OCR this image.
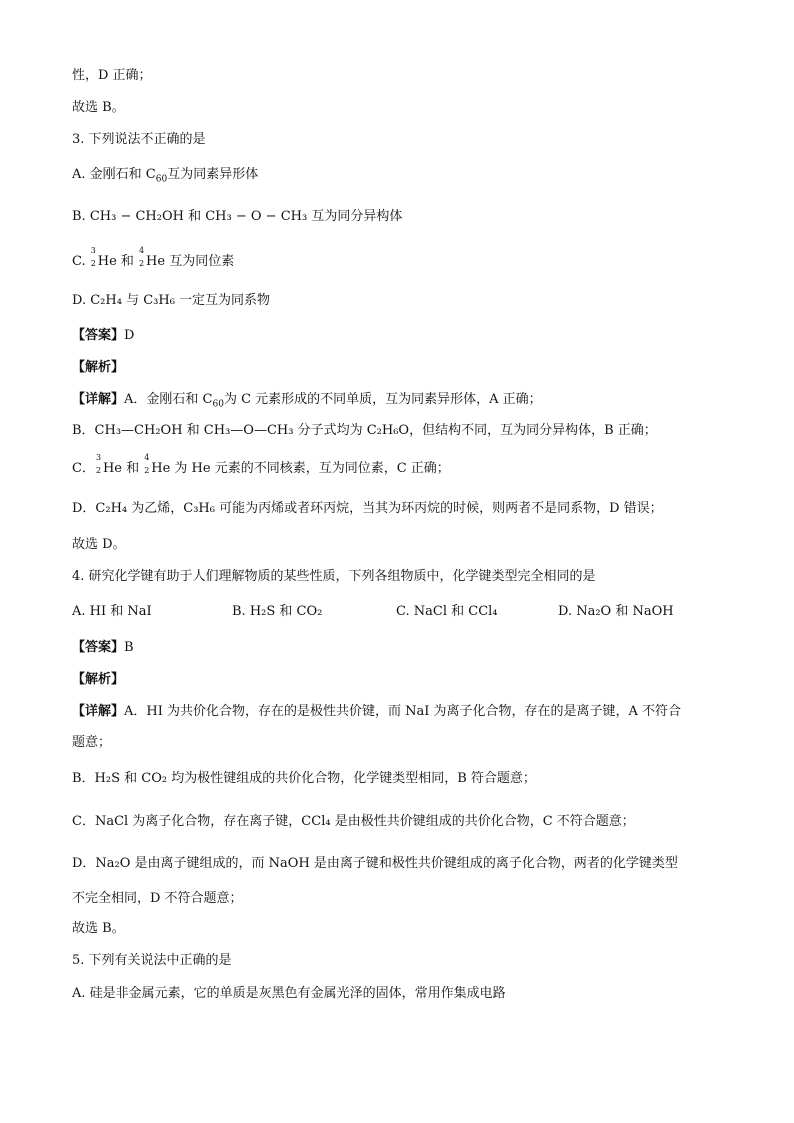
性，D 正确；
故选 B。
3. 下列说法不正确的是
A. 金刚石和 $C_{60}$互为同素异形体
B. CH₃ − CH₂OH 和 CH₃ − O − CH₃ 互为同分异构体
C.
3
2 He 和
4
2 He 互为同位素
D. C₂H₄ 与 C₃H₆ 一定互为同系物
【答案】D
【解析】
【详解】A．金刚石和 $C_{60}$为 C 元素形成的不同单质，互为同素异形体，A 正确；
B．CH₃—CH₂OH 和 CH₃—O—CH₃ 分子式均为 C₂H₆O，但结构不同，互为同分异构体，B 正确；
C．
3
2 He 和
4
2 He 为 He 元素的不同核素，互为同位素，C 正确；
D．C₂H₄ 为乙烯，C₃H₆ 可能为丙烯或者环丙烷，当其为环丙烷的时候，则两者不是同系物，D 错误；
故选 D。
4. 研究化学键有助于人们理解物质的某些性质，下列各组物质中，化学键类型完全相同的是
A. HI 和 NaI	B. H₂S 和 CO₂	C. NaCl 和 CCl₄	D. Na₂O 和 NaOH
【答案】B
【解析】
【详解】A．HI 为共价化合物，存在的是极性共价键，而 NaI 为离子化合物，存在的是离子键，A 不符合
题意；
B．H₂S 和 CO₂ 均为极性键组成的共价化合物，化学键类型相同，B 符合题意；
C．NaCl 为离子化合物，存在离子键，CCl₄ 是由极性共价键组成的共价化合物，C 不符合题意；
D．Na₂O 是由离子键组成的，而 NaOH 是由离子键和极性共价键组成的离子化合物，两者的化学键类型
不完全相同，D 不符合题意；
故选 B。
5. 下列有关说法中正确的是
A. 硅是非金属元素，它的单质是灰黑色有金属光泽的固体，常用作集成电路
